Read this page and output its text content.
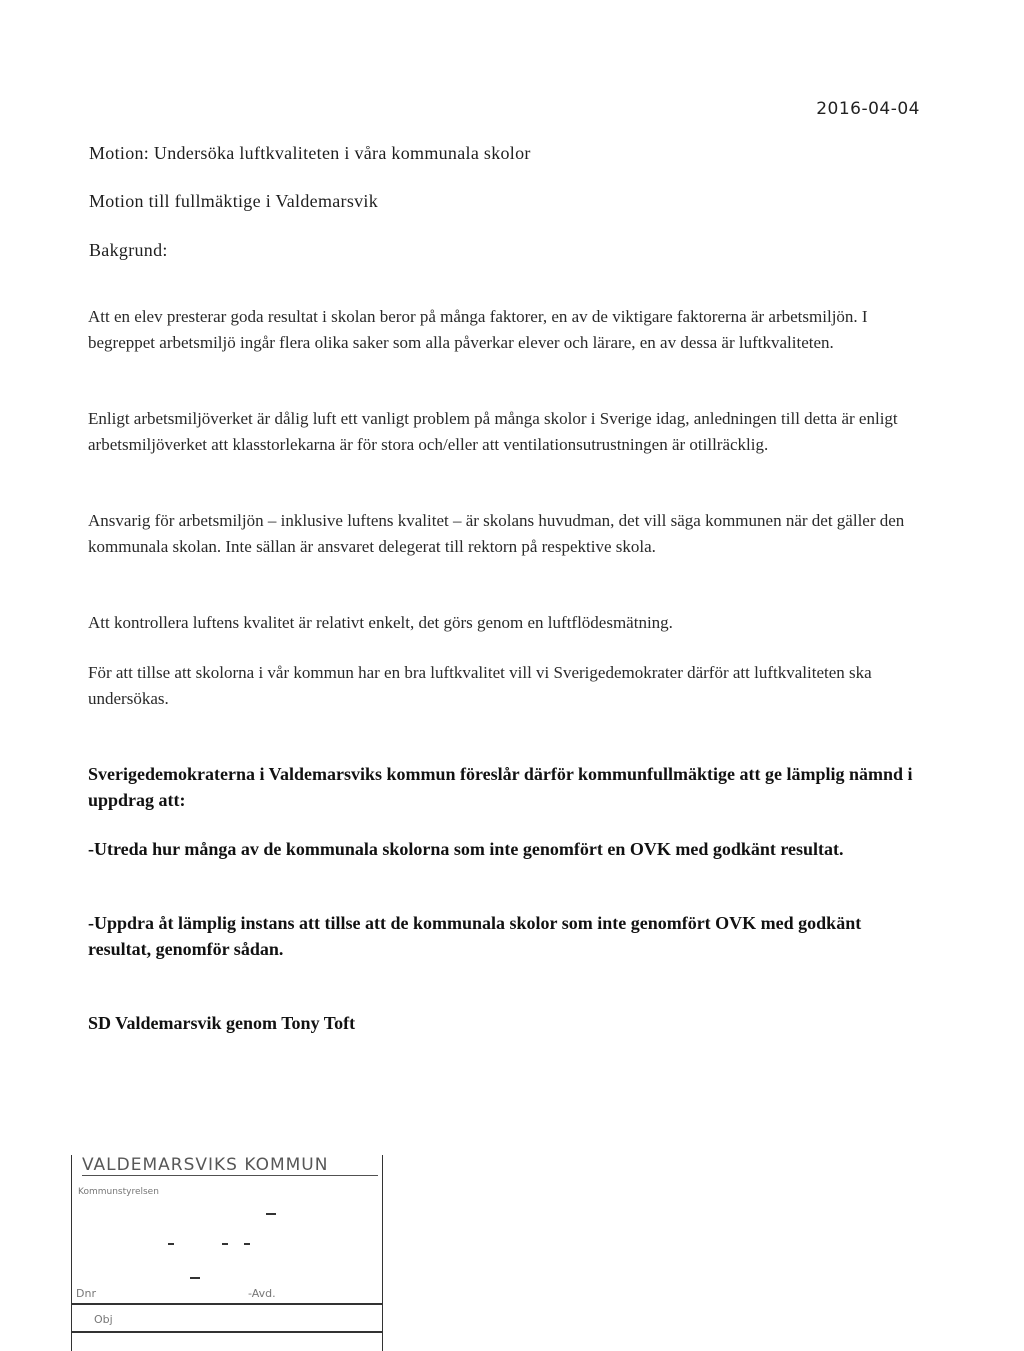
2016-04-04
Motion: Undersöka luftkvaliteten i våra kommunala skolor
Motion till fullmäktige i Valdemarsvik
Bakgrund:

Att en elev presterar goda resultat i skolan beror på många faktorer, en av de viktigare faktorerna är arbetsmiljön. I begreppet arbetsmiljö ingår flera olika saker som alla påverkar elever och lärare, en av dessa är luftkvaliteten.

Enligt arbetsmiljöverket är dålig luft ett vanligt problem på många skolor i Sverige idag, anledningen till detta är enligt arbetsmiljöverket att klasstorlekarna är för stora och/eller att ventilationsutrustningen är otillräcklig.

Ansvarig för arbetsmiljön – inklusive luftens kvalitet – är skolans huvudman, det vill säga kommunen när det gäller den kommunala skolan. Inte sällan är ansvaret delegerat till rektorn på respektive skola.

Att kontrollera luftens kvalitet är relativt enkelt, det görs genom en luftflödesmätning.

För att tillse att skolorna i vår kommun har en bra luftkvalitet vill vi Sverigedemokrater därför att luftkvaliteten ska undersökas.

Sverigedemokraterna i Valdemarsviks kommun föreslår därför kommunfullmäktige att ge lämplig nämnd i uppdrag att:

-Utreda hur många av de kommunala skolorna som inte genomfört en OVK med godkänt resultat.

-Uppdra åt lämplig instans att tillse att de kommunala skolor som inte genomfört OVK med godkänt resultat, genomför sådan.

SD Valdemarsvik genom Tony Toft
VALDEMARSVIKS KOMMUN
Kommunstyrelsen
Dnr	-Avd.
Obj
